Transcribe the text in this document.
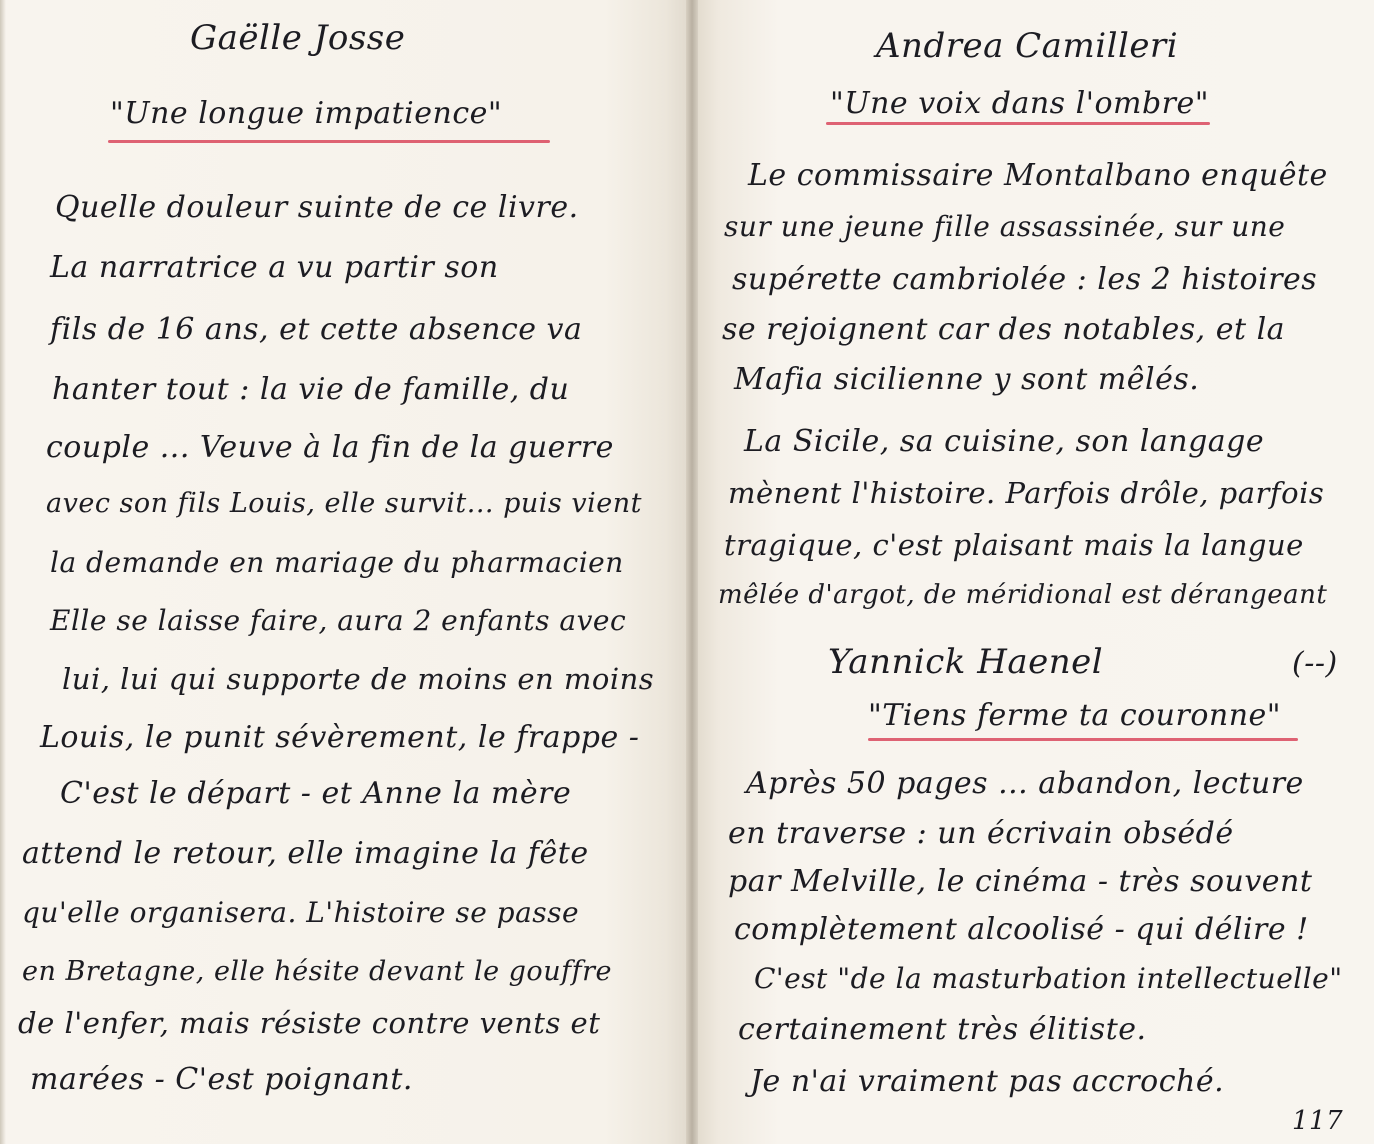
Gaëlle Josse
"Une longue impatience"
Quelle douleur suinte de ce livre.
La narratrice a vu partir son
fils de 16 ans, et cette absence va
hanter tout : la vie de famille, du
couple ... Veuve à la fin de la guerre
avec son fils Louis, elle survit... puis vient
la demande en mariage du pharmacien
Elle se laisse faire, aura 2 enfants avec
lui, lui qui supporte de moins en moins
Louis, le punit sévèrement, le frappe -
C'est le départ - et Anne la mère
attend le retour, elle imagine la fête
qu'elle organisera. L'histoire se passe
en Bretagne, elle hésite devant le gouffre
de l'enfer, mais résiste contre vents et
marées - C'est poignant.
Andrea Camilleri
"Une voix dans l'ombre"
Le commissaire Montalbano enquête
sur une jeune fille assassinée, sur une
supérette cambriolée : les 2 histoires
se rejoignent car des notables, et la
Mafia sicilienne y sont mêlés.
La Sicile, sa cuisine, son langage
mènent l'histoire. Parfois drôle, parfois
tragique, c'est plaisant mais la langue
mêlée d'argot, de méridional est dérangeant
Yannick Haenel	(--)
"Tiens ferme ta couronne"
Après 50 pages ... abandon, lecture
en traverse : un écrivain obsédé
par Melville, le cinéma - très souvent
complètement alcoolisé - qui délire !
C'est "de la masturbation intellectuelle"
certainement très élitiste.
Je n'ai vraiment pas accroché.
117
